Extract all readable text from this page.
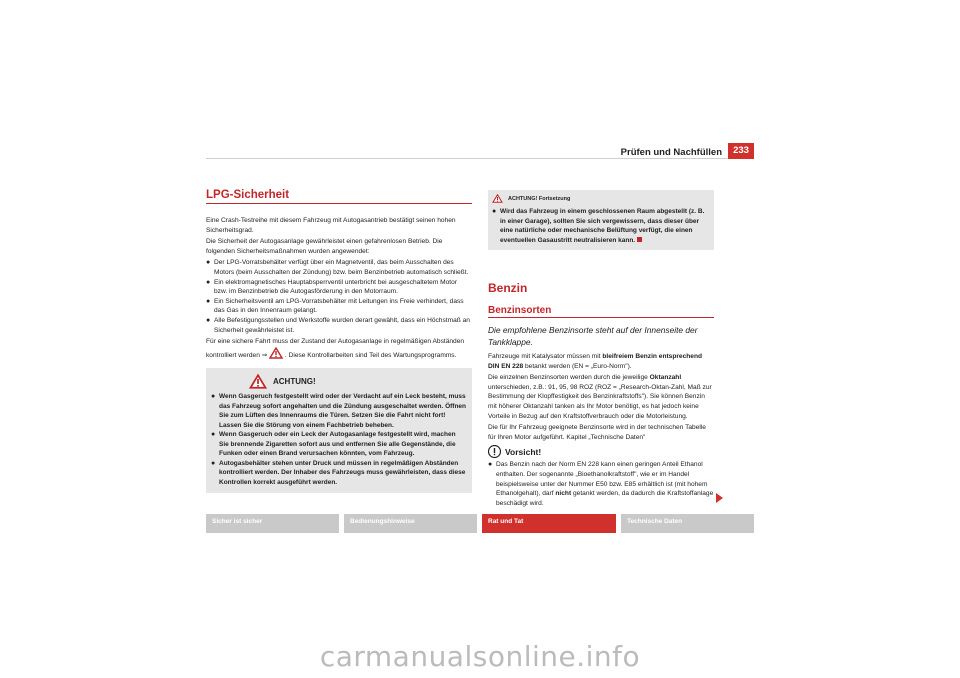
Prüfen und Nachfüllen	233
LPG-Sicherheit

Eine Crash-Testreihe mit diesem Fahrzeug mit Autogasantrieb bestätigt seinen hohen Sicherheitsgrad.

Die Sicherheit der Autogasanlage gewährleistet einen gefahrenlosen Betrieb. Die folgenden Sicherheitsmaßnahmen wurden angewendet:

● Der LPG-Vorratsbehälter verfügt über ein Magnetventil, das beim Ausschalten des Motors (beim Ausschalten der Zündung) bzw. beim Benzinbetrieb automatisch schließt.
● Ein elektromagnetisches Hauptabsperrventil unterbricht bei ausgeschaltetem Motor bzw. im Benzinbetrieb die Autogasförderung in den Motorraum.
● Ein Sicherheitsventil am LPG-Vorratsbehälter mit Leitungen ins Freie verhindert, dass das Gas in den Innenraum gelangt.
● Alle Befestigungsstellen und Werkstoffe wurden derart gewählt, dass ein Höchstmaß an Sicherheit gewährleistet ist.

Für eine sichere Fahrt muss der Zustand der Autogasanlage in regelmäßigen Abständen kontrolliert werden ⇒	. Diese Kontrollarbeiten sind Teil des Wartungsprogramms.

ACHTUNG!
● Wenn Gasgeruch festgestellt wird oder der Verdacht auf ein Leck besteht, muss das Fahrzeug sofort angehalten und die Zündung ausgeschaltet werden. Öffnen Sie zum Lüften des Innenraums die Türen. Setzen Sie die Fahrt nicht fort! Lassen Sie die Störung von einem Fachbetrieb beheben.
● Wenn Gasgeruch oder ein Leck der Autogasanlage festgestellt wird, machen Sie brennende Zigaretten sofort aus und entfernen Sie alle Gegenstände, die Funken oder einen Brand verursachen könnten, vom Fahrzeug.
● Autogasbehälter stehen unter Druck und müssen in regelmäßigen Abständen kontrolliert werden. Der Inhaber des Fahrzeugs muss gewährleisten, dass diese Kontrollen korrekt ausgeführt werden.
ACHTUNG! Fortsetzung
● Wird das Fahrzeug in einem geschlossenen Raum abgestellt (z. B. in einer Garage), sollten Sie sich vergewissern, dass dieser über eine natürliche oder mechanische Belüftung verfügt, die einen eventuellen Gasaustritt neutralisieren kann.
Benzin
Benzinsorten
Die empfohlene Benzinsorte steht auf der Innenseite der Tankklappe.

Fahrzeuge mit Katalysator müssen mit bleifreiem Benzin entsprechend DIN EN 228 betankt werden (EN = „Euro-Norm").

Die einzelnen Benzinsorten werden durch die jeweilige Oktanzahl unterschieden, z.B.: 91, 95, 98 ROZ (ROZ = „Research-Oktan-Zahl, Maß zur Bestimmung der Klopffestigkeit des Benzinkraftstoffs"). Sie können Benzin mit höherer Oktanzahl tanken als Ihr Motor benötigt, es hat jedoch keine Vorteile in Bezug auf den Kraftstoffverbrauch oder die Motorleistung.

Die für Ihr Fahrzeug geeignete Benzinsorte wird in der technischen Tabelle für Ihren Motor aufgeführt. Kapitel „Technische Daten"

Vorsicht!
● Das Benzin nach der Norm EN 228 kann einen geringen Anteil Ethanol enthalten. Der sogenannte „Bioethanolkraftstoff", wie er im Handel beispielsweise unter der Nummer E50 bzw. E85 erhältlich ist (mit hohem Ethanolgehalt), darf nicht getankt werden, da dadurch die Kraftstoffanlage beschädigt wird.
Sicher ist sicher	Bedienungshinweise	Rat und Tat	Technische Daten
carmanualsonline.info
